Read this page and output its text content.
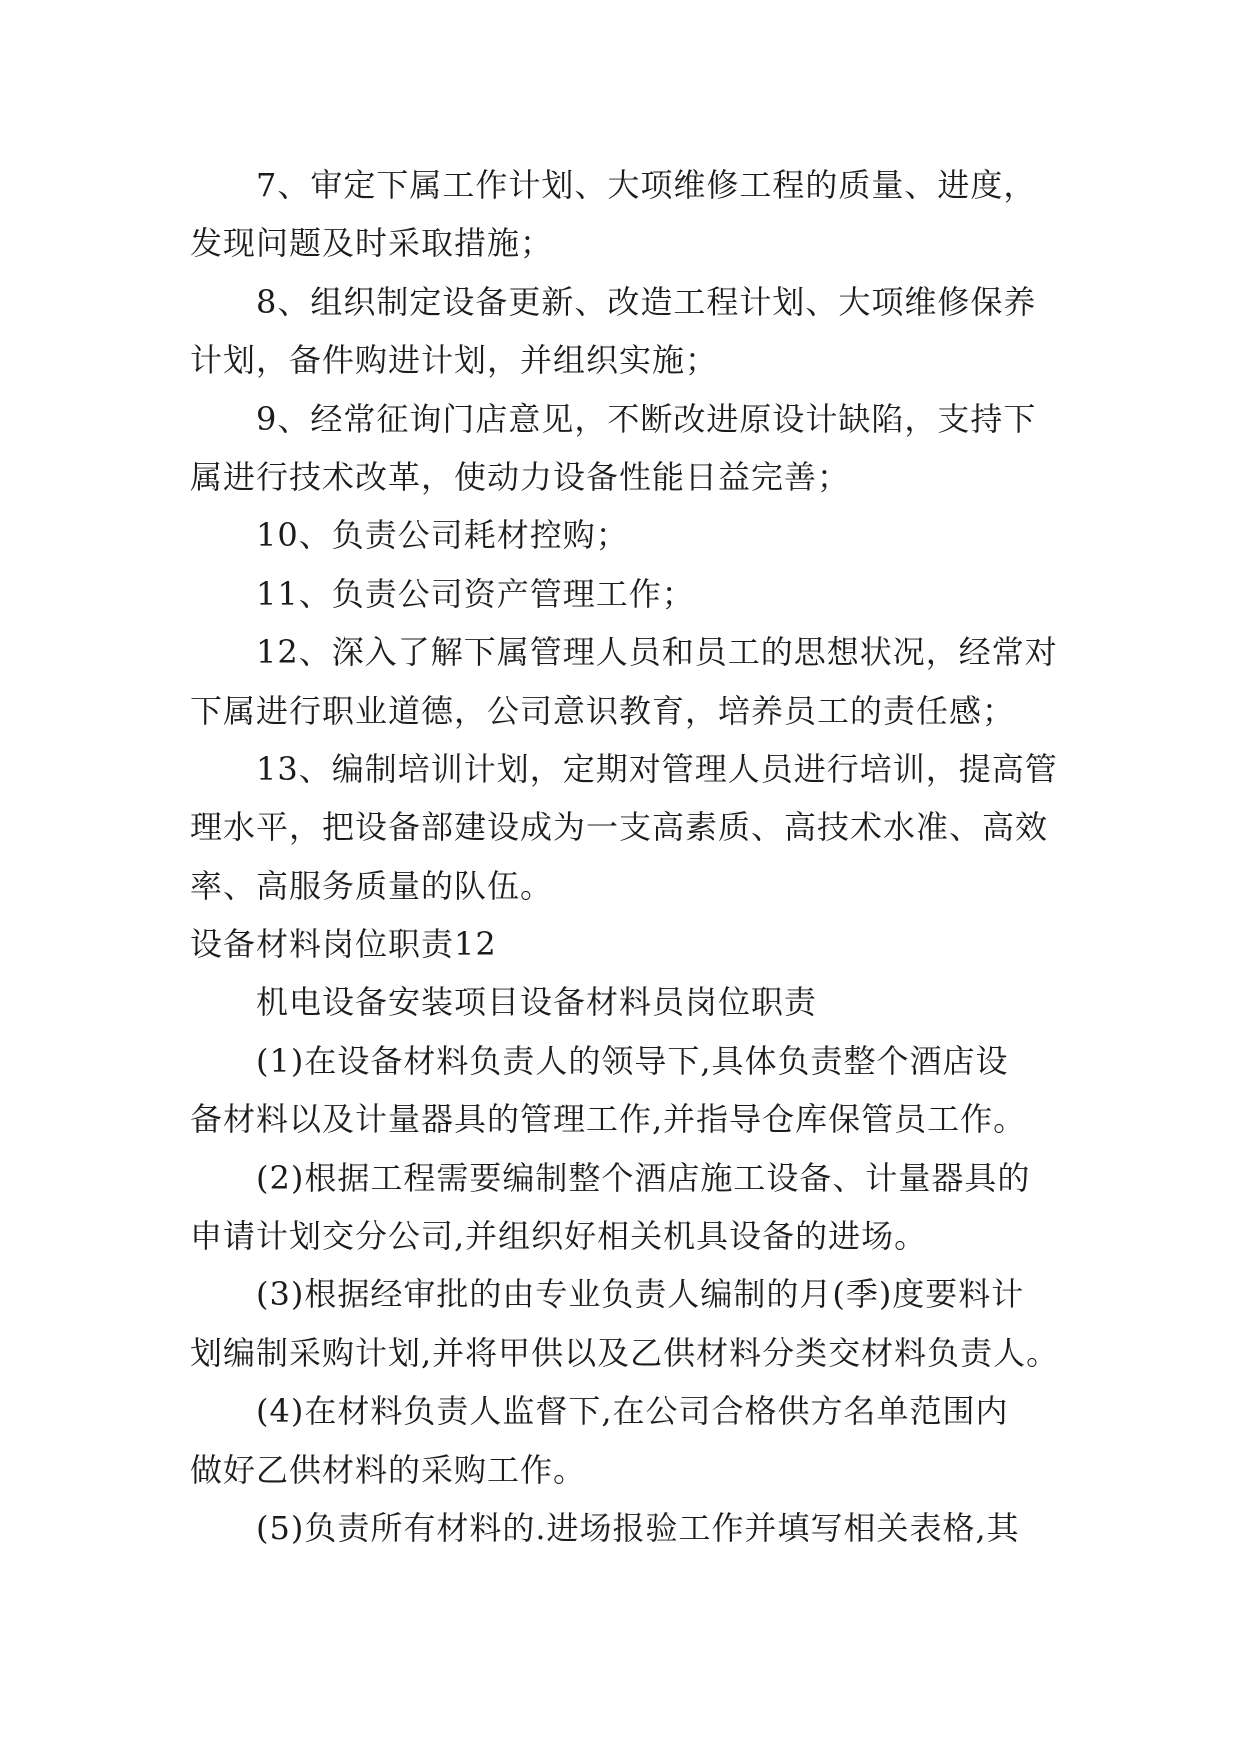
7、审定下属工作计划、大项维修工程的质量、进度，
发现问题及时采取措施；
8、组织制定设备更新、改造工程计划、大项维修保养
计划，备件购进计划，并组织实施；
9、经常征询门店意见，不断改进原设计缺陷，支持下
属进行技术改革，使动力设备性能日益完善；
10、负责公司耗材控购；
11、负责公司资产管理工作；
12、深入了解下属管理人员和员工的思想状况，经常对
下属进行职业道德，公司意识教育，培养员工的责任感；
13、编制培训计划，定期对管理人员进行培训，提高管
理水平，把设备部建设成为一支高素质、高技术水准、高效
率、高服务质量的队伍。
设备材料岗位职责12
机电设备安装项目设备材料员岗位职责
(1)在设备材料负责人的领导下,具体负责整个酒店设
备材料以及计量器具的管理工作,并指导仓库保管员工作。
(2)根据工程需要编制整个酒店施工设备、计量器具的
申请计划交分公司,并组织好相关机具设备的进场。
(3)根据经审批的由专业负责人编制的月(季)度要料计
划编制采购计划,并将甲供以及乙供材料分类交材料负责人。
(4)在材料负责人监督下,在公司合格供方名单范围内
做好乙供材料的采购工作。
(5)负责所有材料的.进场报验工作并填写相关表格,其
